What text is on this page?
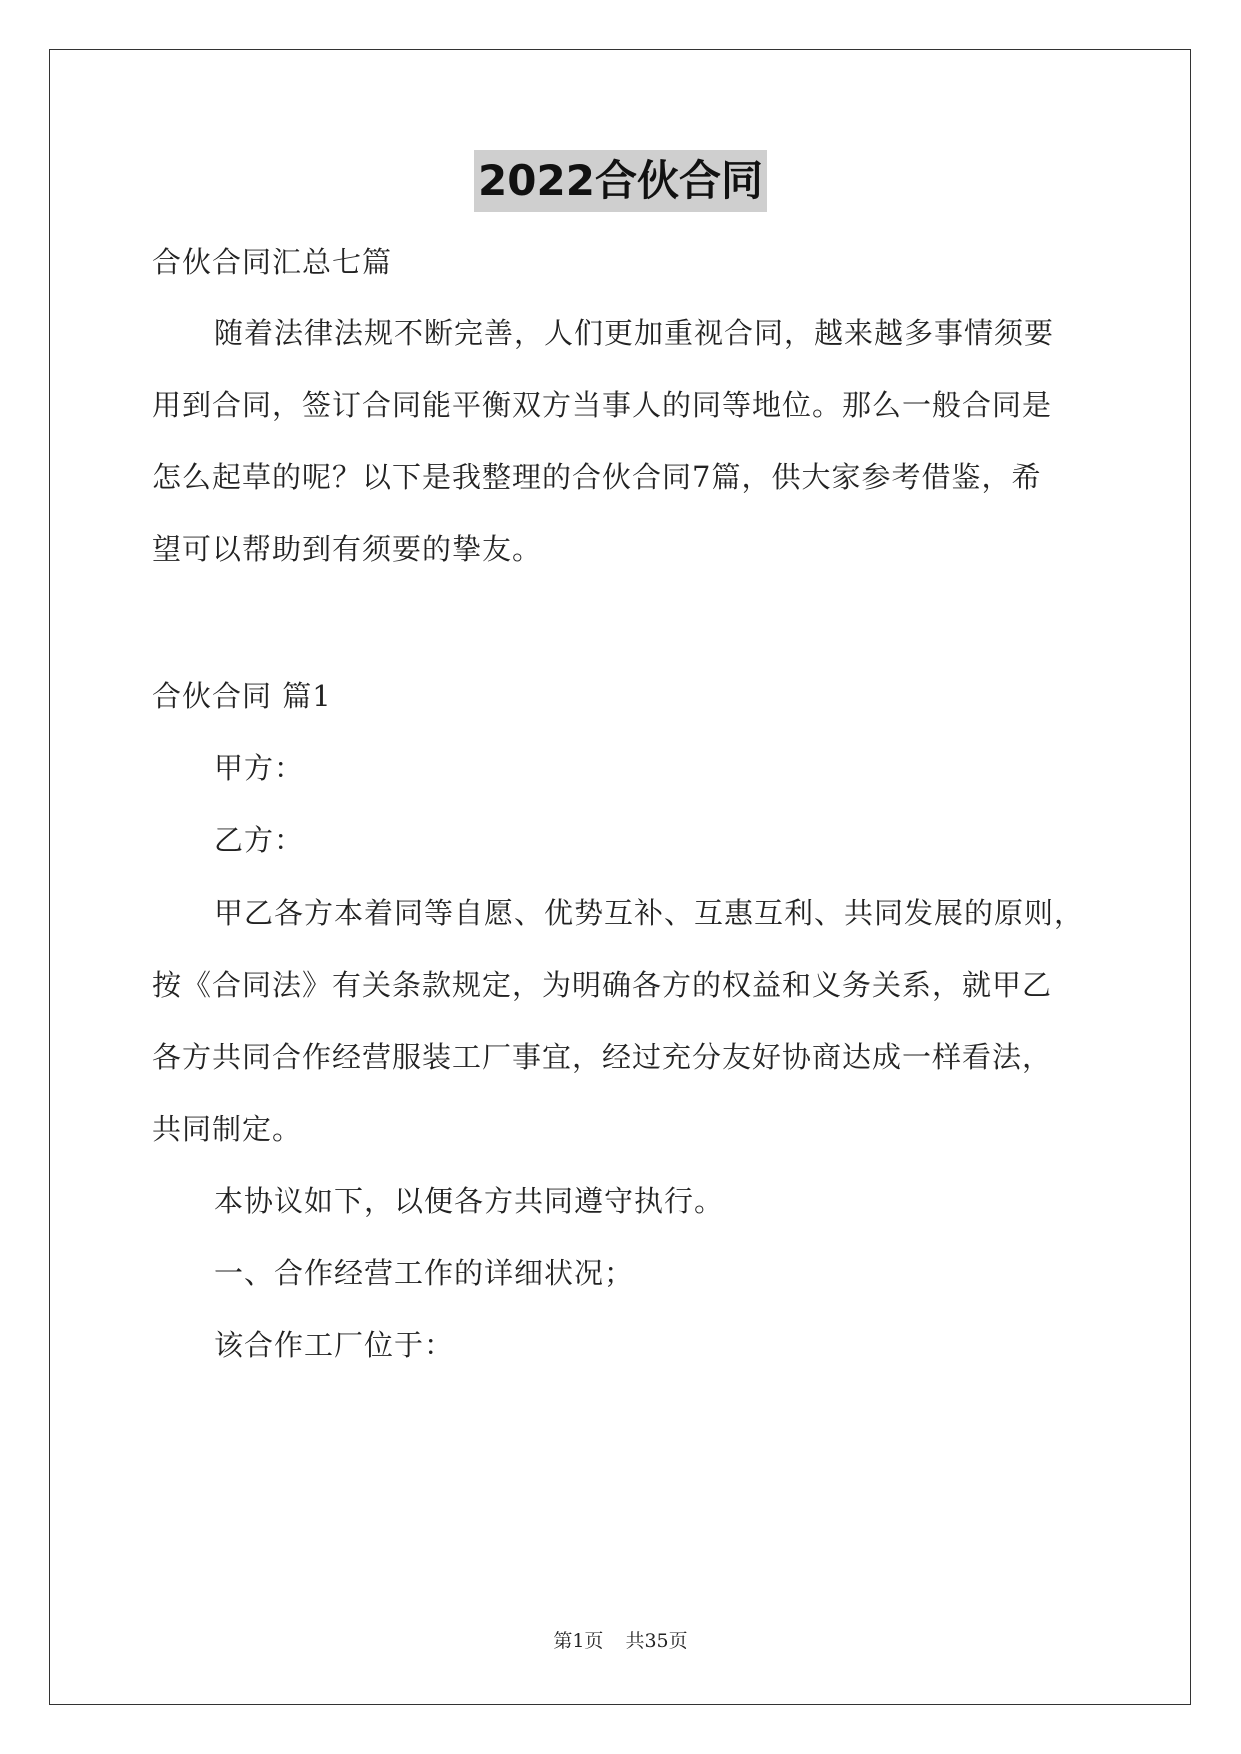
2022合伙合同
合伙合同汇总七篇
随着法律法规不断完善，人们更加重视合同，越来越多事情须要
用到合同，签订合同能平衡双方当事人的同等地位。那么一般合同是
怎么起草的呢？以下是我整理的合伙合同7篇，供大家参考借鉴，希
望可以帮助到有须要的挚友。
合伙合同 篇1
甲方：
乙方：
甲乙各方本着同等自愿、优势互补、互惠互利、共同发展的原则，
按《合同法》有关条款规定，为明确各方的权益和义务关系，就甲乙
各方共同合作经营服装工厂事宜，经过充分友好协商达成一样看法，
共同制定。
本协议如下，以便各方共同遵守执行。
一、合作经营工作的详细状况；
该合作工厂位于：
第1页 共35页
